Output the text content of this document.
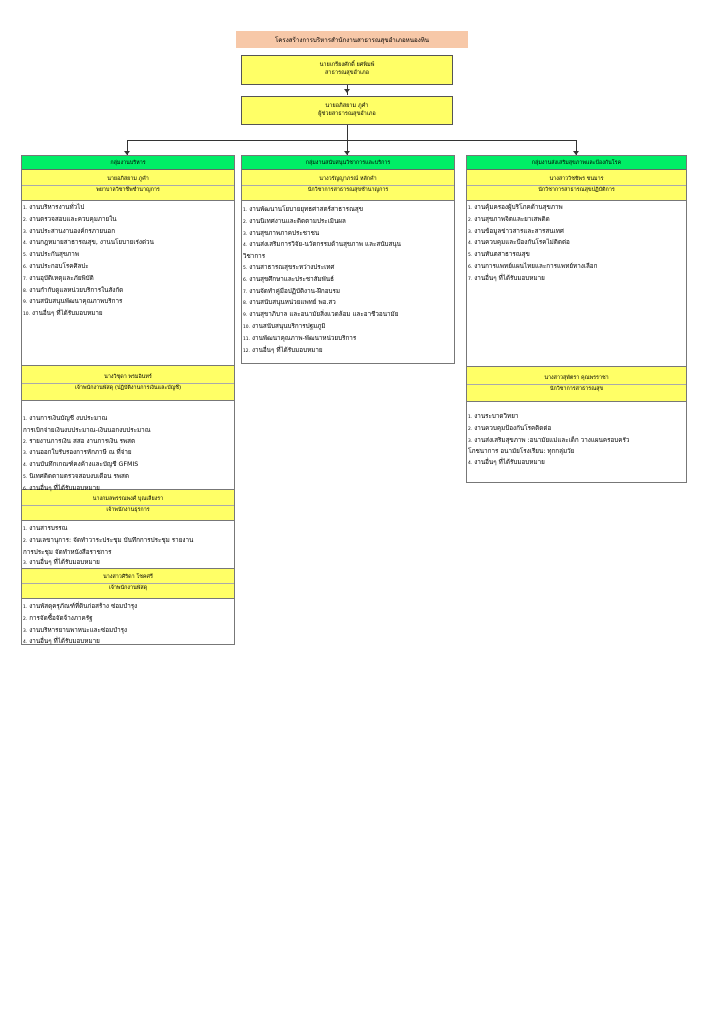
โครงสร้างการบริหารสำนักงานสาธารณสุขอำเภอหนองหิน
นายเกรียงศักดิ์ ยศพิมพ์
สาธารณสุขอำเภอ
นายอภิสยาม ภูคำ
ผู้ช่วยสาธารณสุขอำเภอ
กลุ่มงานบริหาร
นายอภิสยาม ภูคำ
พยาบาลวิชาชีพชำนาญการ
1. งานบริหารงานทั่วไป
2. งานตรวจสอบและควบคุมภายใน
3. งานประสานงานองค์กรภายนอก
4. งานกฎหมายสาธารณสุข, งานนโยบายเร่งด่วน
5. งานประกันสุขภาพ
6. งานประกอบโรคศิลปะ
7. งานอุบัติเหตุและภัยพิบัติ
8. งานกำกับดูแลหน่วยบริการในสังกัด
9. งานสนับสนุนพัฒนาคุณภาพบริการ
10. งานอื่นๆ ที่ได้รับมอบหมาย
นางวิชุดา พรมอินทร์
เจ้าพนักงานพัสดุ (ปฏิบัติงานการเงินและบัญชี)
1. งานการเงินบัญชี งบประมาณ
การเบิกจ่ายเงินงบประมาณ-เงินนอกงบประมาณ
2. รายงานการเงิน สสอ งานการเงิน รพสต
3. งานออกใบรับรองการหักภาษี ณ ที่จ่าย
4. งานบันทึกเกณฑ์คงค้างและบัญชี GFMIS
5. นิเทศติดตามตรวจสอบงบเดือน รพสต
6. งานอื่นๆ ที่ได้รับมอบหมาย
นางกมลพรรณพงศ์ บุณเลียงรา
เจ้าพนักงานธุรการ
1. งานสารบรรณ
2. งานเลขานุการ: จัดทำวาระประชุม บันทึกการประชุม รายงาน
การประชุม จัดทำหนังสือราชการ
3. งานอื่นๆ ที่ได้รับมอบหมาย
นางสาวศิริดา โชคศรี
เจ้าพนักงานพัสดุ
1. งานพัสดุครุภัณฑ์ที่ดินก่อสร้าง ซ่อมบำรุง
2. การจัดซื้อจัดจ้างภาครัฐ
3. งานบริหารยานพาหนะและซ่อมบำรุง
4. งานอื่นๆ ที่ได้รับมอบหมาย
กลุ่มงานสนับสนุนวิชาการและบริการ
นางวรัญญาภรณ์ หลักคำ
นักวิชาการสาธารณสุขชำนาญการ
1. งานพัฒนานโยบายยุทธศาสตร์สาธารณสุข
2. งานนิเทศงานและติดตามประเมินผล
3. งานสุขภาพภาคประชาชน
4. งานส่งเสริมการวิจัย-นวัตกรรมด้านสุขภาพ และสนับสนุน
วิชาการ
5. งานสาธารณสุขระหว่างประเทศ
6. งานสุขศึกษาและประชาสัมพันธ์
7. งานจัดทำคู่มือปฏิบัติงาน-ฝึกอบรม
8. งานสนับสนุนหน่วยแพทย์ พอ.สว
9. งานสุขาภิบาล และอนามัยสิ่งแวดล้อม และอาชีวอนามัย
10. งานสนับสนุนบริการปฐมภูมิ
11. งานพัฒนาคุณภาพ-พัฒนาหน่วยบริการ
12. งานอื่นๆ ที่ได้รับมอบหมาย
กลุ่มงานส่งเสริมสุขภาพและป้องกันโรค
นางสาววิชชิพร ชนมาร
นักวิชาการสาธารณสุขปฏิบัติการ
1. งานคุ้มครองผู้บริโภคด้านสุขภาพ
2. งานสุขภาพจิตและยาเสพติด
3. งานข้อมูลข่าวสารและสารสนเทศ
4. งานควบคุมและป้องกันโรคไม่ติดต่อ
5. งานทันตสาธารณสุข
6. งานการแพทย์แผนไทยและการแพทย์ทางเลือก
7. งานอื่นๆ ที่ได้รับมอบหมาย
นางสาวสุพัตรา คุณพรราชา
นักวิชาการสาธารณสุข
1. งานระบาดวิทยา
2. งานควบคุมป้องกันโรคติดต่อ
3. งานส่งเสริมสุขภาพ :อนามัยแม่และเด็ก วางแผนครอบครัว
โภชนาการ อนามัยโรงเรียน: ทุกกลุ่มวัย
4. งานอื่นๆ ที่ได้รับมอบหมาย
